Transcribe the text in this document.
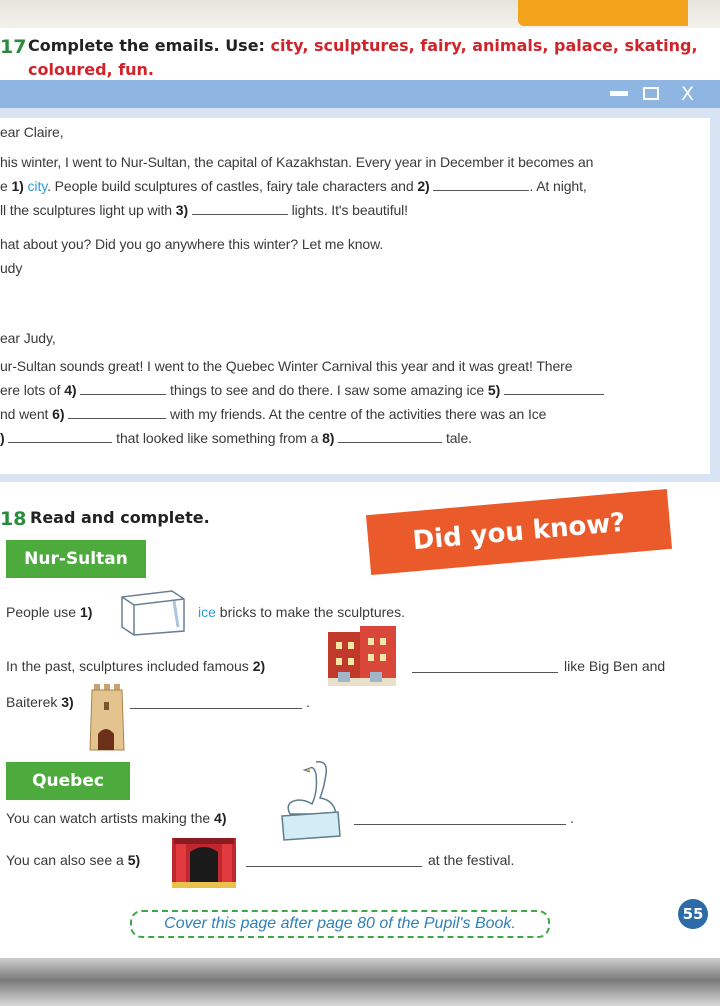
17 Complete the emails. Use: city, sculptures, fairy, animals, palace, skating,
coloured, fun.
X
ear Claire,
his winter, I went to Nur-Sultan, the capital of Kazakhstan. Every year in December it becomes an
e 1) city. People build sculptures of castles, fairy tale characters and 2)	. At night,
ll the sculptures light up with 3)	lights. It's beautiful!
hat about you? Did you go anywhere this winter? Let me know.
udy
ear Judy,
ur-Sultan sounds great! I went to the Quebec Winter Carnival this year and it was great! There
ere lots of 4)	things to see and do there. I saw some amazing ice 5)
nd went 6)	with my friends. At the centre of the activities there was an Ice
)	that looked like something from a 8)	tale.
18 Read and complete.	Did you know?
Nur-Sultan
People use 1)	ice bricks to make the sculptures.
In the past, sculptures included famous 2)	like Big Ben and
Baiterek 3)	.
Quebec
You can watch artists making the 4)	.
You can also see a 5)	at the festival.
Cover this page after page 80 of the Pupil's Book.
55
